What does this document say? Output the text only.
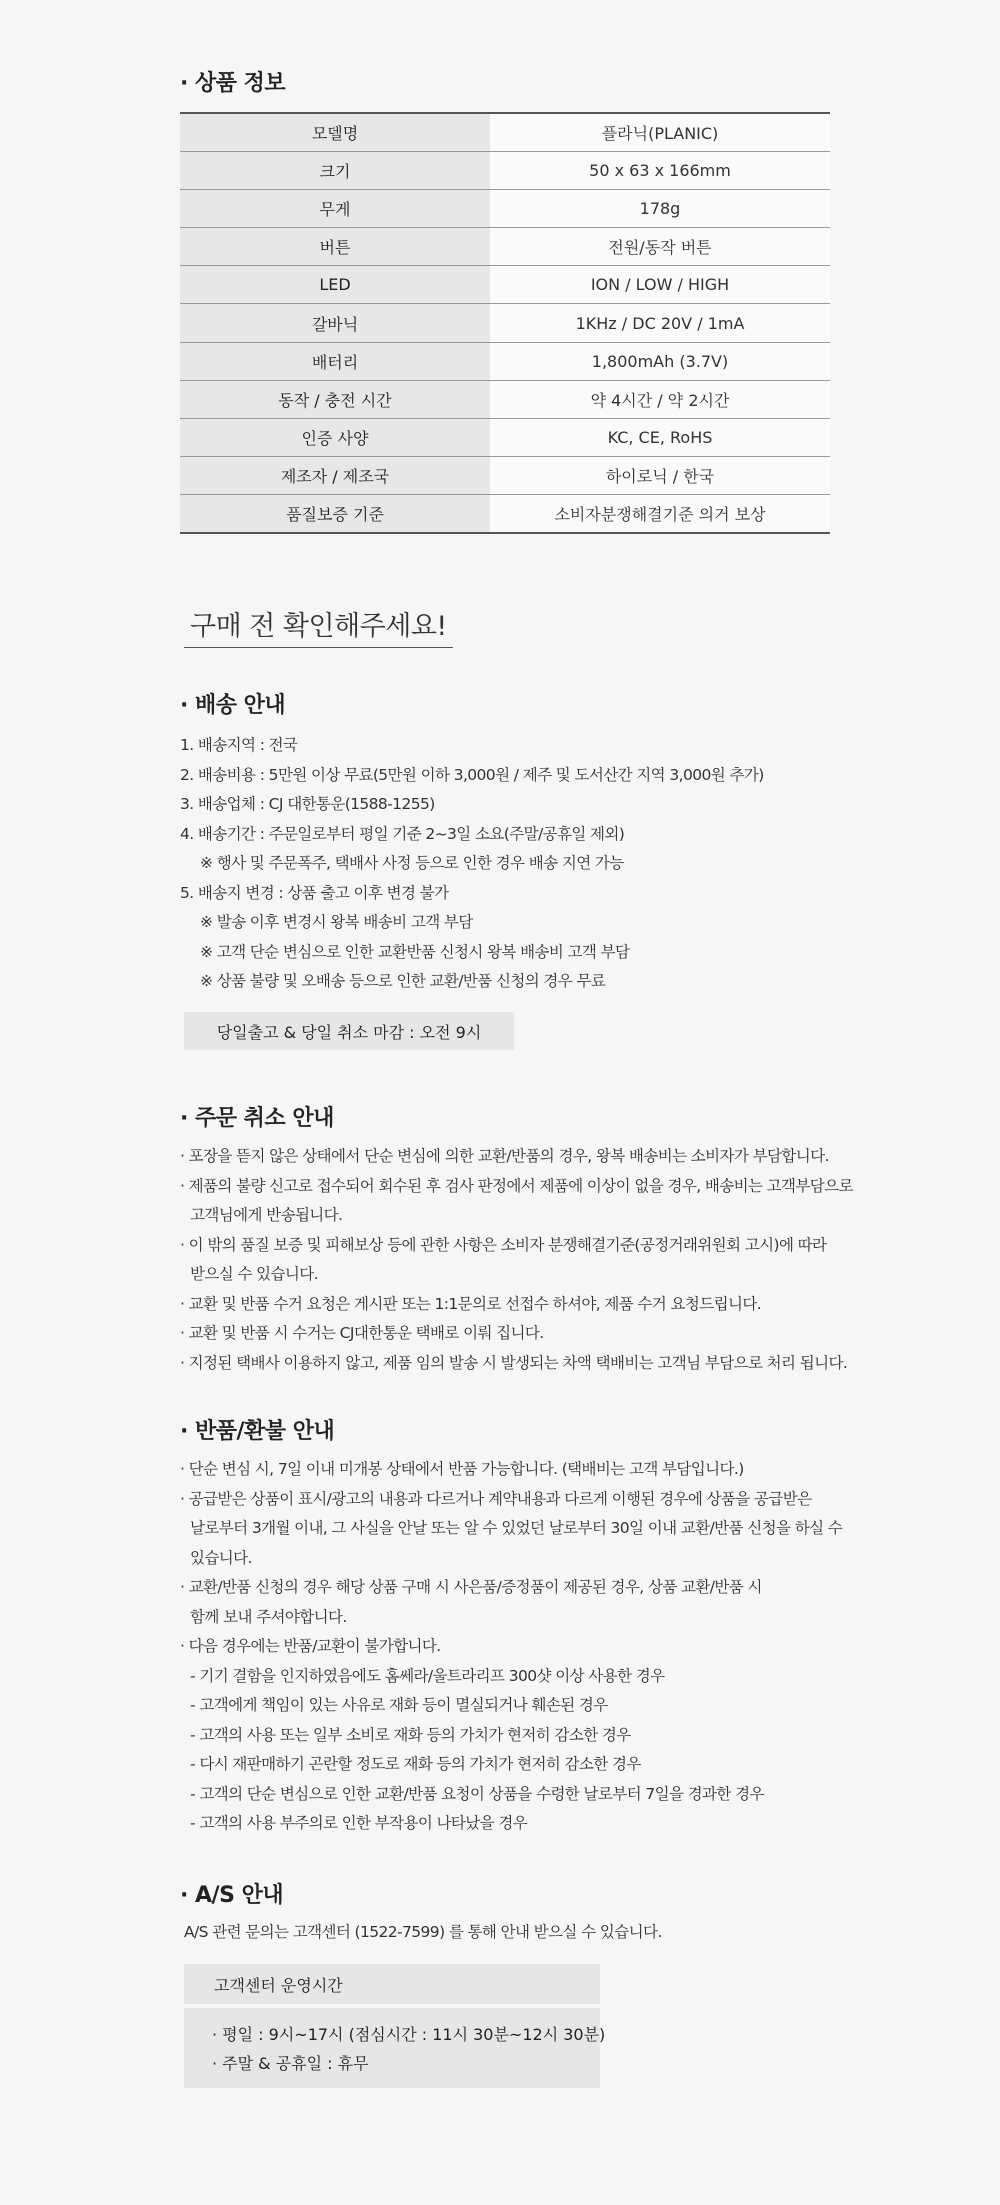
· 상품 정보
모델명	플라닉(PLANIC)
크기	50 x 63 x 166mm
무게	178g
버튼	전원/동작 버튼
LED	ION / LOW / HIGH
갈바닉	1KHz / DC 20V / 1mA
배터리	1,800mAh (3.7V)
동작 / 충전 시간	약 4시간 / 약 2시간
인증 사양	KC, CE, RoHS
제조자 / 제조국	하이로닉 / 한국
품질보증 기준	소비자분쟁해결기준 의거 보상
구매 전 확인해주세요!
· 배송 안내
1. 배송지역 : 전국
2. 배송비용 : 5만원 이상 무료(5만원 이하 3,000원 / 제주 및 도서산간 지역 3,000원 추가)
3. 배송업체 : CJ 대한통운(1588-1255)
4. 배송기간 : 주문일로부터 평일 기준 2~3일 소요(주말/공휴일 제외)
※ 행사 및 주문폭주, 택배사 사정 등으로 인한 경우 배송 지연 가능
5. 배송지 변경 : 상품 출고 이후 변경 불가
※ 발송 이후 변경시 왕복 배송비 고객 부담
※ 고객 단순 변심으로 인한 교환반품 신청시 왕복 배송비 고객 부담
※ 상품 불량 및 오배송 등으로 인한 교환/반품 신청의 경우 무료
당일출고 & 당일 취소 마감 : 오전 9시
· 주문 취소 안내
· 포장을 뜯지 않은 상태에서 단순 변심에 의한 교환/반품의 경우, 왕복 배송비는 소비자가 부담합니다.
· 제품의 불량 신고로 접수되어 회수된 후 검사 판정에서 제품에 이상이 없을 경우, 배송비는 고객부담으로
고객님에게 반송됩니다.
· 이 밖의 품질 보증 및 피해보상 등에 관한 사항은 소비자 분쟁해결기준(공정거래위원회 고시)에 따라
받으실 수 있습니다.
· 교환 및 반품 수거 요청은 게시판 또는 1:1문의로 선접수 하셔야, 제품 수거 요청드립니다.
· 교환 및 반품 시 수거는 CJ대한통운 택배로 이뤄 집니다.
· 지정된 택배사 이용하지 않고, 제품 임의 발송 시 발생되는 차액 택배비는 고객님 부담으로 처리 됩니다.
· 반품/환불 안내
· 단순 변심 시, 7일 이내 미개봉 상태에서 반품 가능합니다. (택배비는 고객 부담입니다.)
· 공급받은 상품이 표시/광고의 내용과 다르거나 계약내용과 다르게 이행된 경우에 상품을 공급받은
날로부터 3개월 이내, 그 사실을 안날 또는 알 수 있었던 날로부터 30일 이내 교환/반품 신청을 하실 수
있습니다.
· 교환/반품 신청의 경우 해당 상품 구매 시 사은품/증정품이 제공된 경우, 상품 교환/반품 시
함께 보내 주셔야합니다.
· 다음 경우에는 반품/교환이 불가합니다.
- 기기 결함을 인지하였음에도 홈쎄라/울트라리프 300샷 이상 사용한 경우
- 고객에게 책임이 있는 사유로 재화 등이 멸실되거나 훼손된 경우
- 고객의 사용 또는 일부 소비로 재화 등의 가치가 현저히 감소한 경우
- 다시 재판매하기 곤란할 정도로 재화 등의 가치가 현저히 감소한 경우
- 고객의 단순 변심으로 인한 교환/반품 요청이 상품을 수령한 날로부터 7일을 경과한 경우
- 고객의 사용 부주의로 인한 부작용이 나타났을 경우
· A/S 안내
A/S 관련 문의는 고객센터 (1522-7599) 를 통해 안내 받으실 수 있습니다.
고객센터 운영시간
· 평일 : 9시~17시 (점심시간 : 11시 30분~12시 30분)
· 주말 & 공휴일 : 휴무
